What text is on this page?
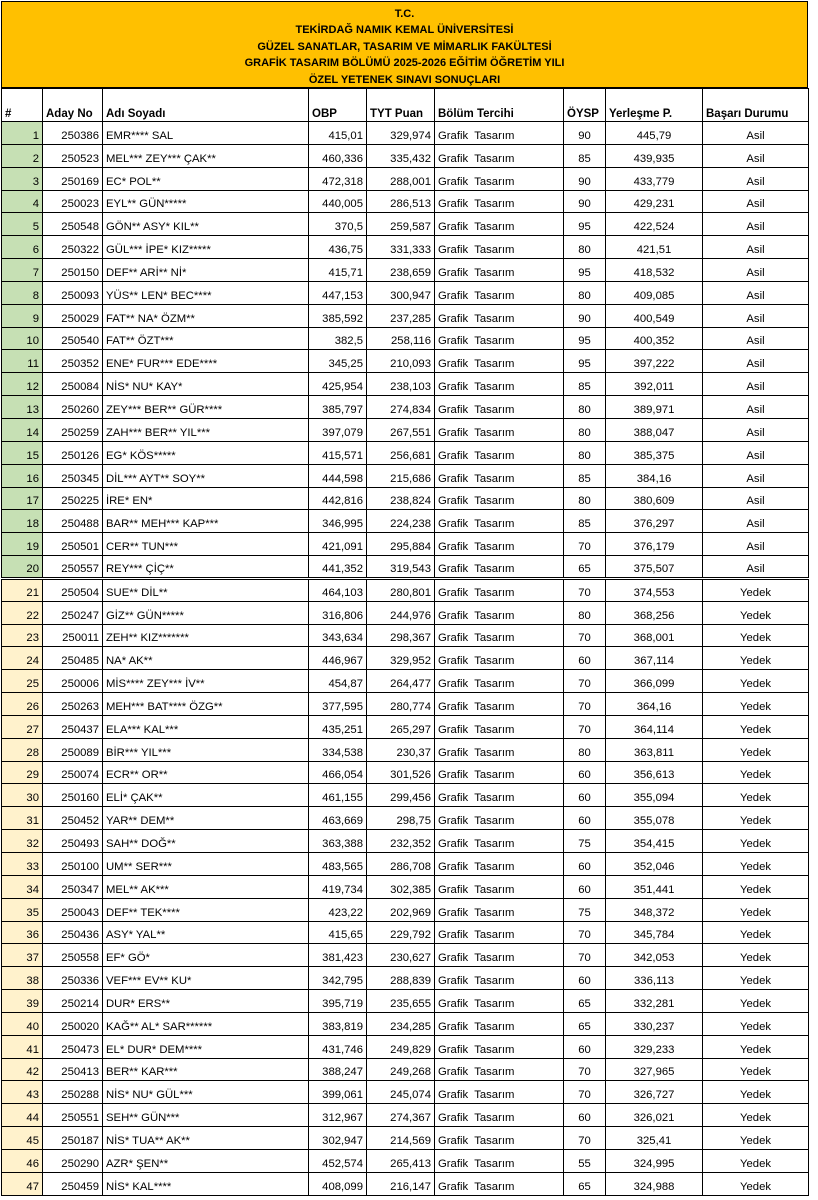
T.C.
TEKİRDAĞ NAMIK KEMAL ÜNİVERSİTESİ
GÜZEL SANATLAR, TASARIM VE MİMARLIK FAKÜLTESİ
GRAFİK TASARIM BÖLÜMÜ 2025-2026 EĞİTİM ÖĞRETİM YILI
ÖZEL YETENEK SINAVI SONUÇLARI
#	Aday No	Adı Soyadı	OBP	TYT Puan	Bölüm Tercihi	ÖYSP	Yerleşme P.	Başarı Durumu
1	250386	EMR**** SAL	415,01	329,974	Grafik  Tasarım	90	445,79	Asil
2	250523	MEL*** ZEY*** ÇAK**	460,336	335,432	Grafik  Tasarım	85	439,935	Asil
3	250169	EC* POL**	472,318	288,001	Grafik  Tasarım	90	433,779	Asil
4	250023	EYL** GÜN*****	440,005	286,513	Grafik  Tasarım	90	429,231	Asil
5	250548	GÖN** ASY* KIL**	370,5	259,587	Grafik  Tasarım	95	422,524	Asil
6	250322	GÜL*** İPE* KIZ*****	436,75	331,333	Grafik  Tasarım	80	421,51	Asil
7	250150	DEF** ARİ** Nİ*	415,71	238,659	Grafik  Tasarım	95	418,532	Asil
8	250093	YÜS** LEN* BEC****	447,153	300,947	Grafik  Tasarım	80	409,085	Asil
9	250029	FAT** NA* ÖZM**	385,592	237,285	Grafik  Tasarım	90	400,549	Asil
10	250540	FAT** ÖZT***	382,5	258,116	Grafik  Tasarım	95	400,352	Asil
11	250352	ENE* FUR*** EDE****	345,25	210,093	Grafik  Tasarım	95	397,222	Asil
12	250084	NİS* NU* KAY*	425,954	238,103	Grafik  Tasarım	85	392,011	Asil
13	250260	ZEY*** BER** GÜR****	385,797	274,834	Grafik  Tasarım	80	389,971	Asil
14	250259	ZAH*** BER** YIL***	397,079	267,551	Grafik  Tasarım	80	388,047	Asil
15	250126	EG* KÖS*****	415,571	256,681	Grafik  Tasarım	80	385,375	Asil
16	250345	DİL*** AYT** SOY**	444,598	215,686	Grafik  Tasarım	85	384,16	Asil
17	250225	İRE* EN*	442,816	238,824	Grafik  Tasarım	80	380,609	Asil
18	250488	BAR** MEH*** KAP***	346,995	224,238	Grafik  Tasarım	85	376,297	Asil
19	250501	CER** TUN***	421,091	295,884	Grafik  Tasarım	70	376,179	Asil
20	250557	REY*** ÇİÇ**	441,352	319,543	Grafik  Tasarım	65	375,507	Asil
21	250504	SUE** DİL**	464,103	280,801	Grafik  Tasarım	70	374,553	Yedek
22	250247	GİZ** GÜN*****	316,806	244,976	Grafik  Tasarım	80	368,256	Yedek
23	250011	ZEH** KIZ*******	343,634	298,367	Grafik  Tasarım	70	368,001	Yedek
24	250485	NA* AK**	446,967	329,952	Grafik  Tasarım	60	367,114	Yedek
25	250006	MİS**** ZEY*** İV**	454,87	264,477	Grafik  Tasarım	70	366,099	Yedek
26	250263	MEH*** BAT**** ÖZG**	377,595	280,774	Grafik  Tasarım	70	364,16	Yedek
27	250437	ELA*** KAL***	435,251	265,297	Grafik  Tasarım	70	364,114	Yedek
28	250089	BİR*** YIL***	334,538	230,37	Grafik  Tasarım	80	363,811	Yedek
29	250074	ECR** OR**	466,054	301,526	Grafik  Tasarım	60	356,613	Yedek
30	250160	ELİ* ÇAK**	461,155	299,456	Grafik  Tasarım	60	355,094	Yedek
31	250452	YAR** DEM**	463,669	298,75	Grafik  Tasarım	60	355,078	Yedek
32	250493	SAH** DOĞ**	363,388	232,352	Grafik  Tasarım	75	354,415	Yedek
33	250100	UM** SER***	483,565	286,708	Grafik  Tasarım	60	352,046	Yedek
34	250347	MEL** AK***	419,734	302,385	Grafik  Tasarım	60	351,441	Yedek
35	250043	DEF** TEK****	423,22	202,969	Grafik  Tasarım	75	348,372	Yedek
36	250436	ASY* YAL**	415,65	229,792	Grafik  Tasarım	70	345,784	Yedek
37	250558	EF* GÖ*	381,423	230,627	Grafik  Tasarım	70	342,053	Yedek
38	250336	VEF*** EV** KU*	342,795	288,839	Grafik  Tasarım	60	336,113	Yedek
39	250214	DUR* ERS**	395,719	235,655	Grafik  Tasarım	65	332,281	Yedek
40	250020	KAĞ** AL* SAR******	383,819	234,285	Grafik  Tasarım	65	330,237	Yedek
41	250473	EL* DUR* DEM****	431,746	249,829	Grafik  Tasarım	60	329,233	Yedek
42	250413	BER** KAR***	388,247	249,268	Grafik  Tasarım	70	327,965	Yedek
43	250288	NİS* NU* GÜL***	399,061	245,074	Grafik  Tasarım	70	326,727	Yedek
44	250551	SEH** GÜN***	312,967	274,367	Grafik  Tasarım	60	326,021	Yedek
45	250187	NİS* TUA** AK**	302,947	214,569	Grafik  Tasarım	70	325,41	Yedek
46	250290	AZR* ŞEN**	452,574	265,413	Grafik  Tasarım	55	324,995	Yedek
47	250459	NİS* KAL****	408,099	216,147	Grafik  Tasarım	65	324,988	Yedek
